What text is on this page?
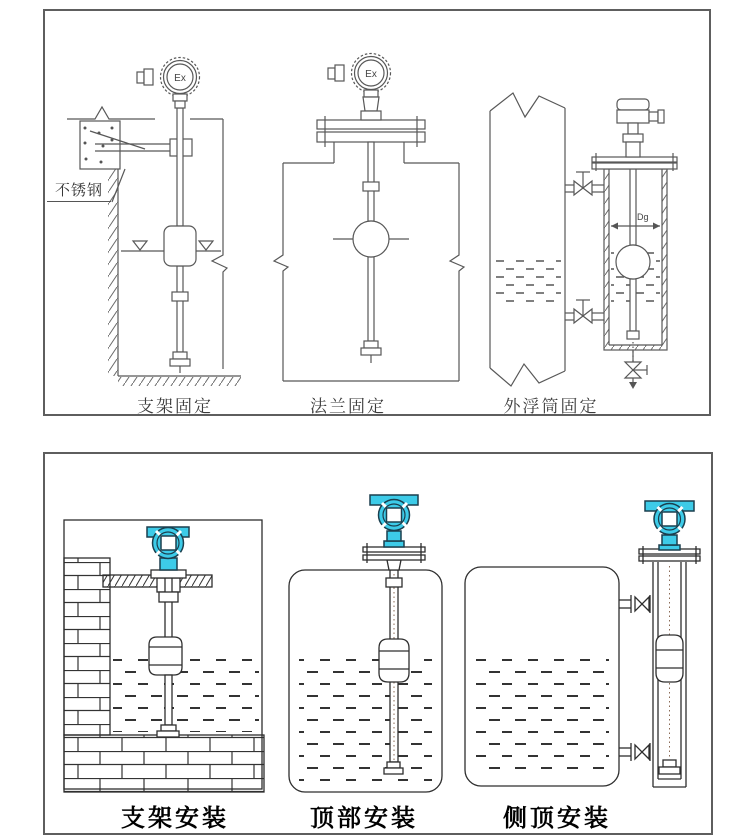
Ex	Ex
Dg
不锈钢
支架固定	法兰固定	外浮筒固定
支架安装	顶部安装	侧顶安装
